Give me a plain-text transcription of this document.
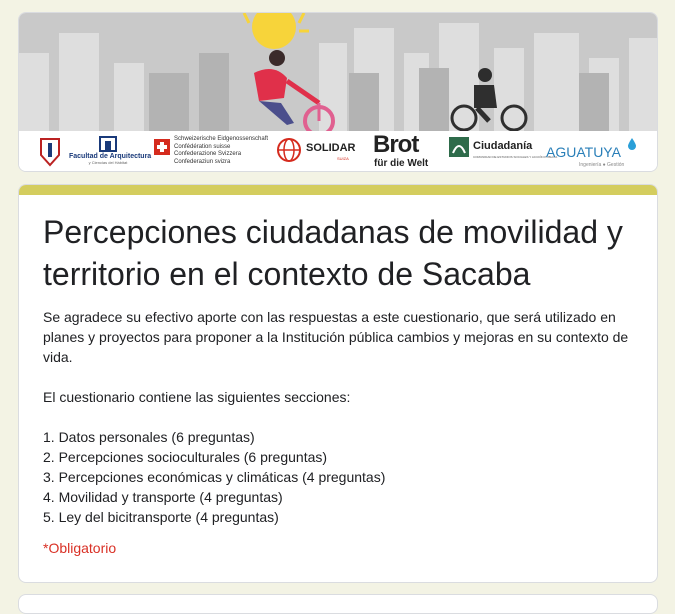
Facultad de Arquitectura
y Ciencias del Hábitat
Schweizerische Eidgenossenschaft
Confédération suisse
Confederazione Svizzera
Confederaziun svizra
SOLIDAR
SUIZA
Brot
für die Welt
Ciudadanía
COMUNIDAD DE ESTUDIOS SOCIALES Y ACCIÓN PÚBLICA
AGUATUYA
Ingeniería ● Gestión
Percepciones ciudadanas de movilidad y territorio en el contexto de Sacaba

Se agradece su efectivo aporte con las respuestas a este cuestionario, que será utilizado en planes y proyectos para proponer a la Institución pública cambios y mejoras en su contexto de vida.

El cuestionario contiene las siguientes secciones:

1. Datos personales (6 preguntas)

2. Percepciones socioculturales (6 preguntas)

3. Percepciones económicas y climáticas (4 preguntas)

4. Movilidad y transporte (4 preguntas)

5. Ley del bicitransporte (4 preguntas)

*Obligatorio
